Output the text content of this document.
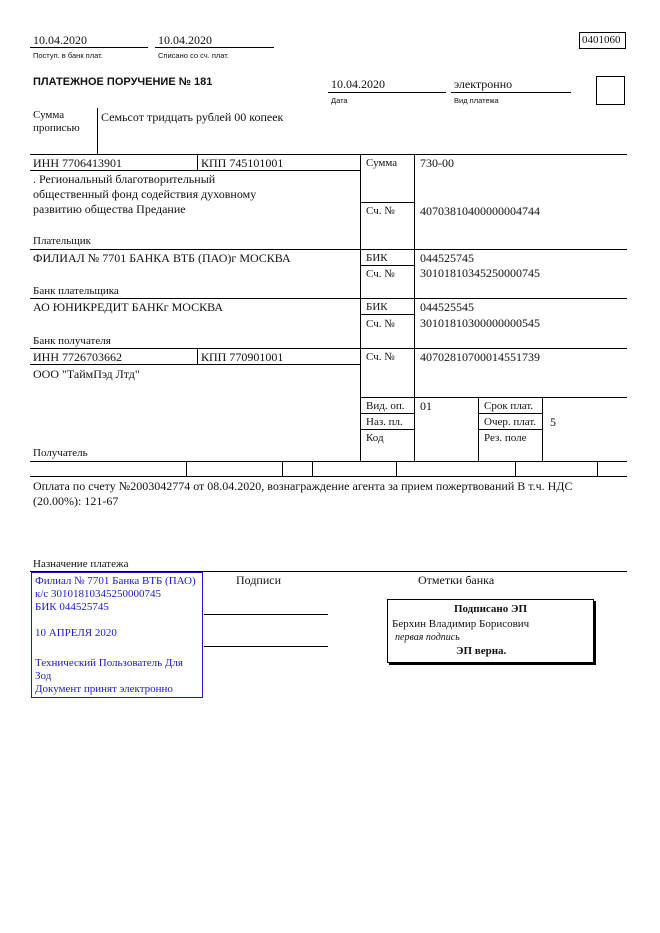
10.04.2020
Поступ. в банк плат.
10.04.2020
Списано со сч. плат.
0401060
ПЛАТЕЖНОЕ ПОРУЧЕНИЕ № 181	10.04.2020
Дата
электронно
Вид платежа
Сумма
прописью
Семьсот тридцать рублей 00 копеек
ИНН 7706413901	КПП 745101001
. Региональный благотворительный
общественный фонд содействия духовному
развитию общества Предание
Плательщик
Сумма 730-00
Сч. № 40703810400000004744
ФИЛИАЛ № 7701 БАНКА ВТБ (ПАО)г МОСКВА
Банк плательщика
БИК	044525745
Сч. № 30101810345250000745
АО ЮНИКРЕДИТ БАНКг МОСКВА
Банк получателя
БИК	044525545
Сч. № 30101810300000000545
ИНН 7726703662	КПП 770901001
ООО "ТаймПэд Лтд"
Получатель
Сч. № 40702810700014551739
Вид. оп. 01
Наз. пл.
Код
Срок плат.
Очер. плат. 5
Рез. поле
Оплата по счету №2003042774 от 08.04.2020, вознаграждение агента за прием пожертвований В т.ч. НДС
(20.00%): 121-67
Назначение платежа
Подписи	Отметки банка
Филиал № 7701 Банка ВТБ (ПАО)
к/с 30101810345250000745
БИК 044525745
10 АПРЕЛЯ 2020
Технический Пользователь Для
Зод
Документ принят электронно
Подписано ЭП
Берхин Владимир Борисович
первая подпись
ЭП верна.
